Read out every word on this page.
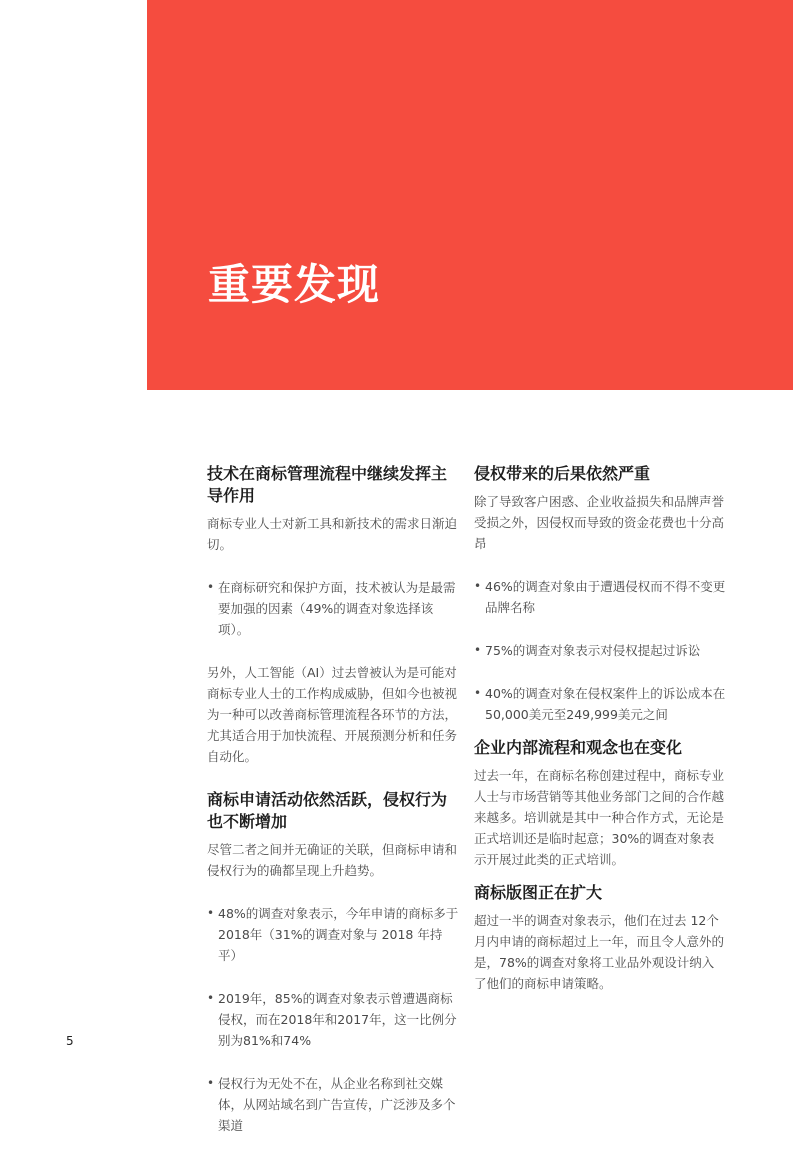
重要发现
技术在商标管理流程中继续发挥主导作用

商标专业人士对新工具和新技术的需求日渐迫切。

• 在商标研究和保护方面，技术被认为是最需要加强的因素（49%的调查对象选择该项）。

另外，人工智能（AI）过去曾被认为是可能对商标专业人士的工作构成威胁，但如今也被视为一种可以改善商标管理流程各环节的方法，尤其适合用于加快流程、开展预测分析和任务自动化。

商标申请活动依然活跃，侵权行为也不断增加

尽管二者之间并无确证的关联，但商标申请和侵权行为的确都呈现上升趋势。

• 48%的调查对象表示，今年申请的商标多于2018年（31%的调查对象与 2018 年持平）
• 2019年，85%的调查对象表示曾遭遇商标侵权，而在2018年和2017年，这一比例分别为81%和74%
• 侵权行为无处不在，从企业名称到社交媒体，从网站域名到广告宣传，广泛涉及多个渠道
侵权带来的后果依然严重

除了导致客户困惑、企业收益损失和品牌声誉受损之外，因侵权而导致的资金花费也十分高昂

• 46%的调查对象由于遭遇侵权而不得不变更品牌名称
• 75%的调查对象表示对侵权提起过诉讼
• 40%的调查对象在侵权案件上的诉讼成本在50,000美元至249,999美元之间
企业内部流程和观念也在变化

过去一年，在商标名称创建过程中，商标专业人士与市场营销等其他业务部门之间的合作越来越多。培训就是其中一种合作方式，无论是正式培训还是临时起意；30%的调查对象表示开展过此类的正式培训。

商标版图正在扩大

超过一半的调查对象表示，他们在过去 12个月内申请的商标超过上一年，而且令人意外的是，78%的调查对象将工业品外观设计纳入了他们的商标申请策略。

5
